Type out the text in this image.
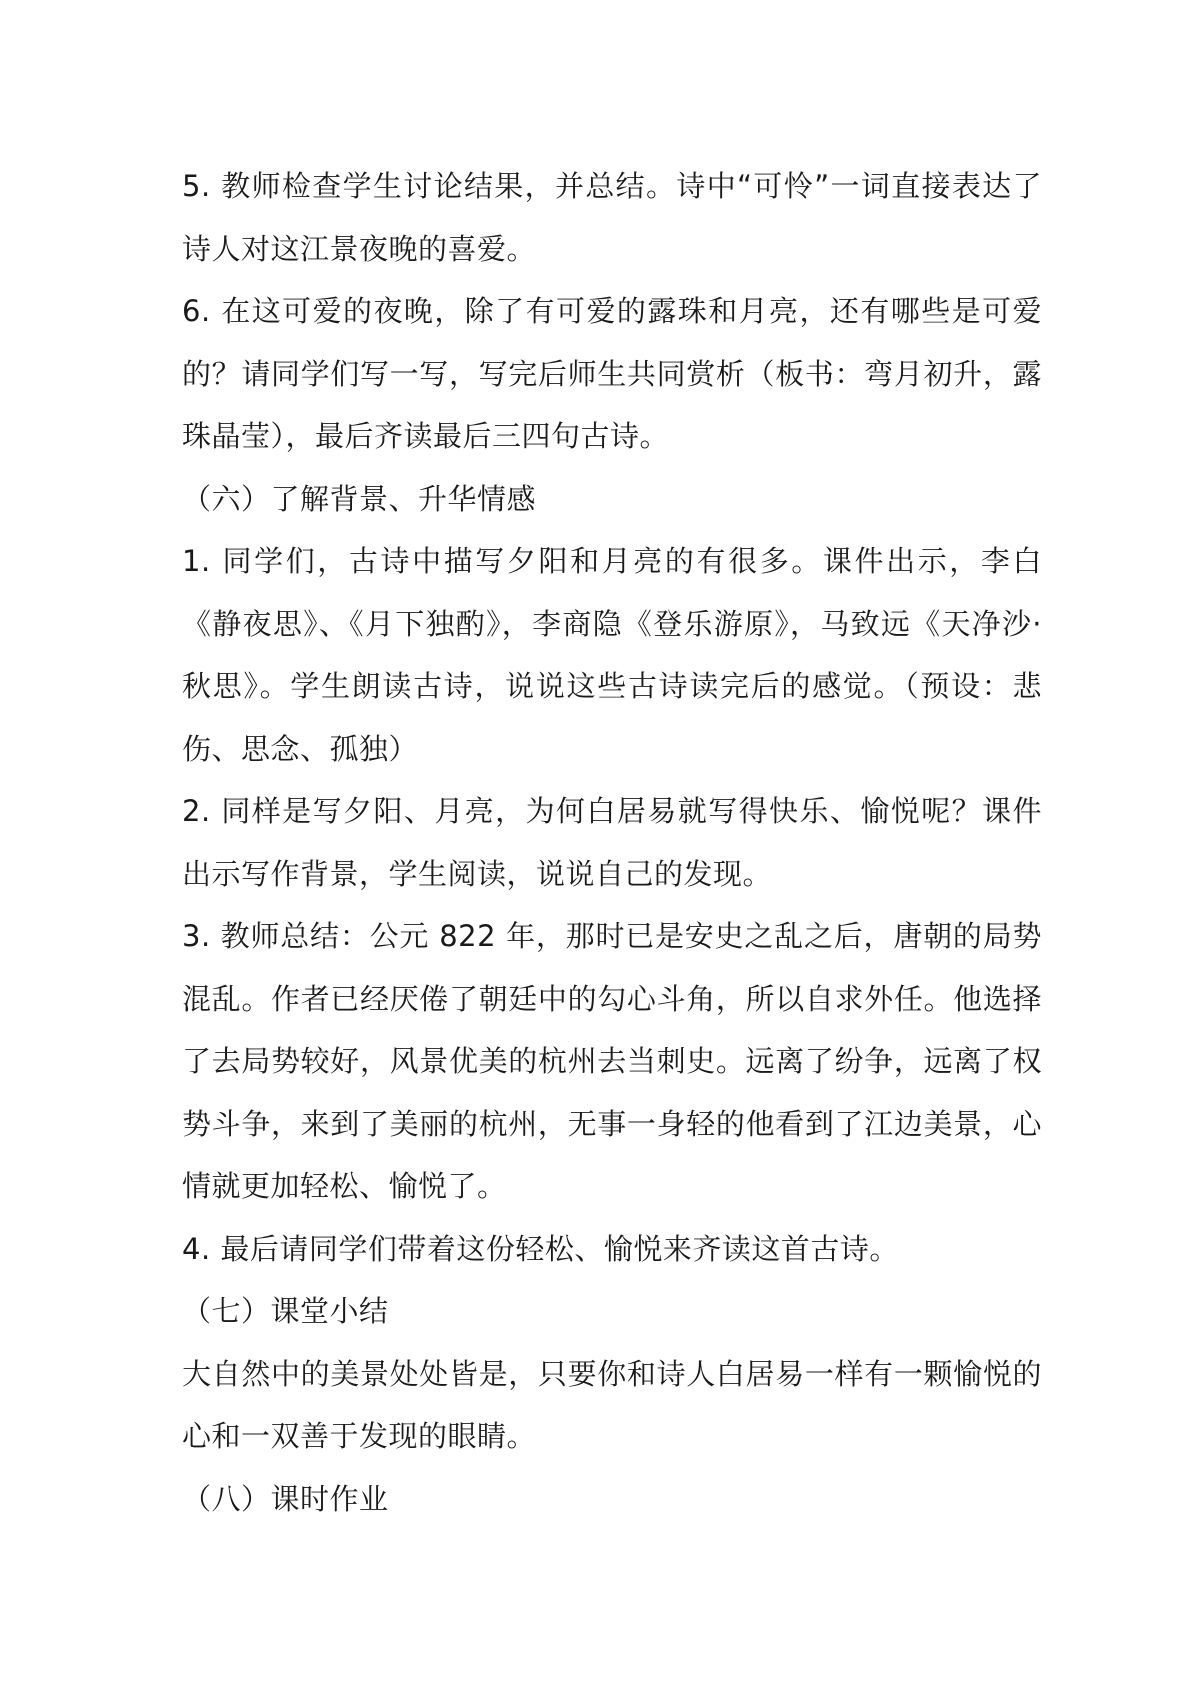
5. 教师检查学生讨论结果，并总结。诗中“可怜”一词直接表达了诗人对这江景夜晚的喜爱。

6. 在这可爱的夜晚，除了有可爱的露珠和月亮，还有哪些是可爱的？请同学们写一写，写完后师生共同赏析（板书：弯月初升，露珠晶莹），最后齐读最后三四句古诗。

（六）了解背景、升华情感

1. 同学们，古诗中描写夕阳和月亮的有很多。课件出示，李白《静夜思》、《月下独酌》，李商隐《登乐游原》，马致远《天净沙·秋思》。学生朗读古诗，说说这些古诗读完后的感觉。（预设：悲伤、思念、孤独）

2. 同样是写夕阳、月亮，为何白居易就写得快乐、愉悦呢？课件出示写作背景，学生阅读，说说自己的发现。

3. 教师总结：公元 822 年，那时已是安史之乱之后，唐朝的局势混乱。作者已经厌倦了朝廷中的勾心斗角，所以自求外任。他选择了去局势较好，风景优美的杭州去当刺史。远离了纷争，远离了权势斗争，来到了美丽的杭州，无事一身轻的他看到了江边美景，心情就更加轻松、愉悦了。

4. 最后请同学们带着这份轻松、愉悦来齐读这首古诗。

（七）课堂小结

大自然中的美景处处皆是，只要你和诗人白居易一样有一颗愉悦的心和一双善于发现的眼睛。

（八）课时作业
